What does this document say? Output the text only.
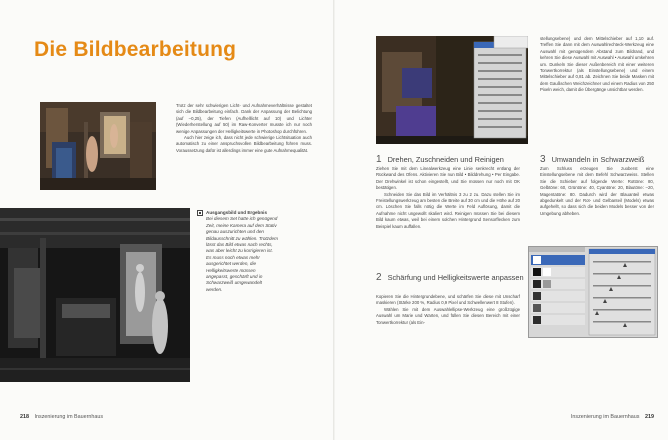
Die Bildbearbeitung

Trotz der sehr schwierigen Licht- und Aufnahmeverhältnisse gestaltet sich die Bildbearbeitung einfach. Dank der Anpassung der Belichtung (auf –0,25), der Tiefen (Aufhelllicht auf 10) und Lichter (Wiederherstellung auf 50) im Raw-Konverter musste ich nur noch wenige Anpassungen der Helligkeitswerte in Photoshop durchführen.

Auch hier zeige ich, dass nicht jede schwierige Lichtsituation auch automatisch zu einer anspruchsvollen Bildbearbeitung führen muss. Voraussetzung dafür ist allerdings immer eine gute Aufnahmequalität.

Ausgangsbild und Ergebnis
Bei diesem Set hatte ich genügend Zeit, meine Kamera auf dem Stativ genau auszurichten und den Bildausschnitt zu wählen. Trotzdem lässt das Bild etwas nach rechts, was aber leicht zu korrigieren ist. Es muss noch etwas mehr ausgerichtet werden, die Helligkeitswerte müssen angepasst, geschärft und in Schwarzweiß umgewandelt werden.
218 Inszenierung im Bauernhaus

stellungsebene) und dem Mittelschieber auf 1,10 auf. Treffen Sie dann mit dem Auswahlrechteck-Werkzeug eine Auswahl mit genügendem Abstand zum Bildrand, und kehren Sie diese Auswahl mit Auswahl • Auswahl umkehren um. Dunkeln Sie dieser Außenbereich mit einer weiteren Tonwertkorrektur (als Einstellungsebene) und einem Mittelschieber auf 0,81 ab. Zeichnen Sie beide Masken mit dem Gaußschen Weichzeichner und einem Radius von 250 Pixeln weich, damit die Übergänge unsichtbar werden.

1 Drehen, Zuschneiden und Reinigen

Ziehen Sie mit dem Linealwerkzeug eine Linie senkrecht entlang der Rückwand des Ofens. Aktivieren Sie nun Bild • Bilddrehung • Per Eingabe. Der Drehwinkel ist schon eingestellt, und Sie müssen nur noch mit OK bestätigen.

Schneiden Sie das Bild im Verhältnis 3 zu 2 zu. Dazu stellen Sie im Freistellungswerkzeug am besten die Breite auf 30 cm und die Höhe auf 20 cm. Löschen Sie falls nötig die Werte im Feld Auflösung, damit die Aufnahme nicht ungewollt skaliert wird. Reinigen müssen Sie bei diesem Bild kaum etwas, weil bei einem solchen Hintergrund Sensorflecken zum Beispiel kaum auffallen.

2 Schärfung und Helligkeitswerte anpassen

Kopieren Sie die Hintergrundebene, und schärfen Sie diese mit Unscharf maskieren (Stärke 200 %, Radius 0,9 Pixel und Schwellenwert 8 Stufen).

Wählen Sie mit dem Auswahlellipse-Werkzeug eine großzügige Auswahl um Marie und Warten, und füllen Sie diesen Bereich mit einer Tonwertkorrektur (als Ein-

3 Umwandeln in Schwarzweiß

Zum Schluss erzeugen Sie zuoberst eine Einstellungsebene mit dem Befehl Schwarzweiss. Stellen Sie die Schieber auf folgende Werte: Rottöne: 80, Gelbtöne: 60, Grüntöne: 40, Cyantöne: 20, Blautöne: –20, Magentatöne: 80. Dadurch wird der Blauanteil etwas abgedunkelt und der Rot- und Gelbanteil (Models) etwas aufgehellt, so dass sich die beiden Models besser von der Umgebung abheben.

Inszenierung im Bauernhaus 219
